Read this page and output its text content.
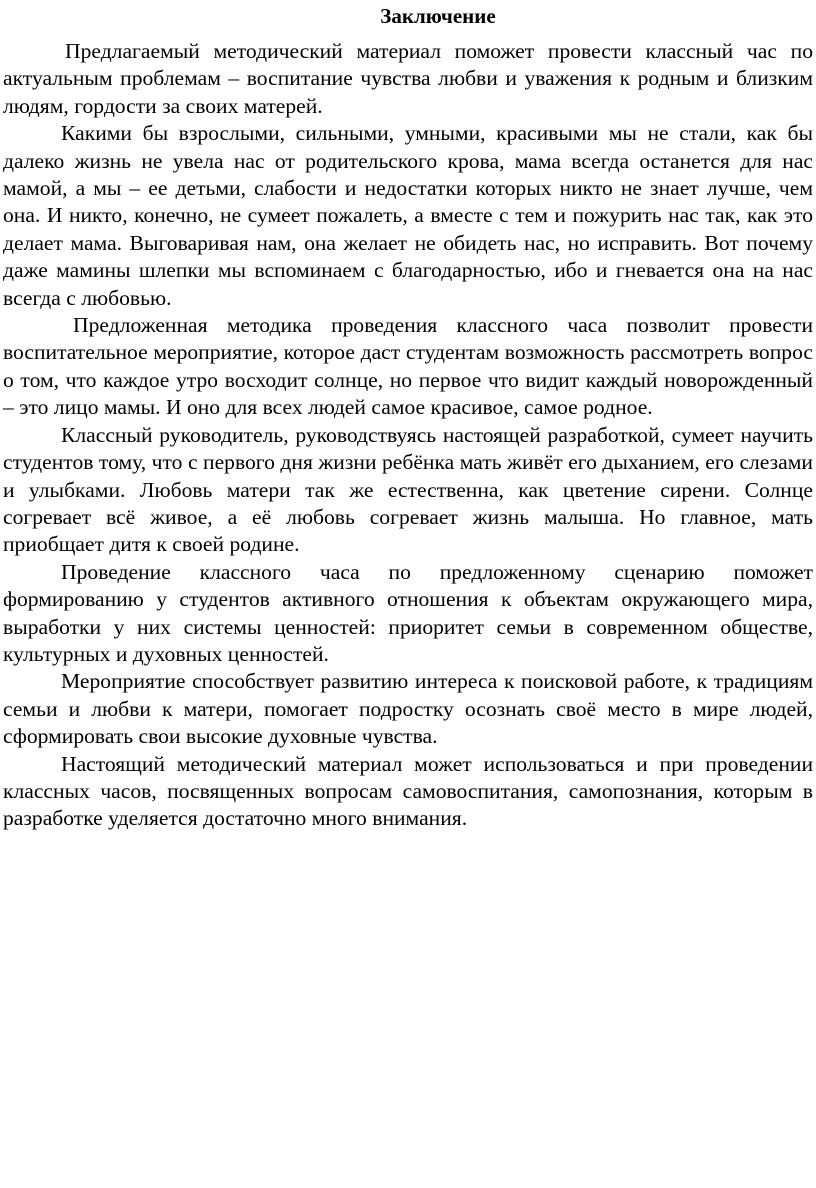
Заключение

Предлагаемый методический материал поможет провести классный час по актуальным проблемам – воспитание чувства любви и уважения к родным и близким людям, гордости за своих матерей.

Какими бы взрослыми, сильными, умными, красивыми мы не стали, как бы далеко жизнь не увела нас от родительского крова, мама всегда останется для нас мамой, а мы – ее детьми, слабости и недостатки которых никто не знает лучше, чем она. И никто, конечно, не сумеет пожалеть, а вместе с тем и пожурить нас так, как это делает мама. Выговаривая нам, она желает не обидеть нас, но исправить. Вот почему даже мамины шлепки мы вспоминаем с благодарностью, ибо и гневается она на нас всегда с любовью.

Предложенная методика проведения классного часа позволит провести воспитательное мероприятие, которое даст студентам возможность рассмотреть вопрос о том, что каждое утро восходит солнце, но первое что видит каждый новорожденный – это лицо мамы. И оно для всех людей самое красивое, самое родное.

Классный руководитель, руководствуясь настоящей разработкой, сумеет научить студентов тому, что с первого дня жизни ребёнка мать живёт его дыханием, его слезами и улыбками. Любовь матери так же естественна, как цветение сирени. Солнце согревает всё живое, а её любовь согревает жизнь малыша. Но главное, мать приобщает дитя к своей родине.

Проведение классного часа по предложенному сценарию поможет формированию у студентов активного отношения к объектам окружающего мира, выработки у них системы ценностей: приоритет семьи в современном обществе, культурных и духовных ценностей.

Мероприятие способствует развитию интереса к поисковой работе, к традициям семьи и любви к матери, помогает подростку осознать своё место в мире людей, сформировать свои высокие духовные чувства.

Настоящий методический материал может использоваться и при проведении классных часов, посвященных вопросам самовоспитания, самопознания, которым в разработке уделяется достаточно много внимания.
